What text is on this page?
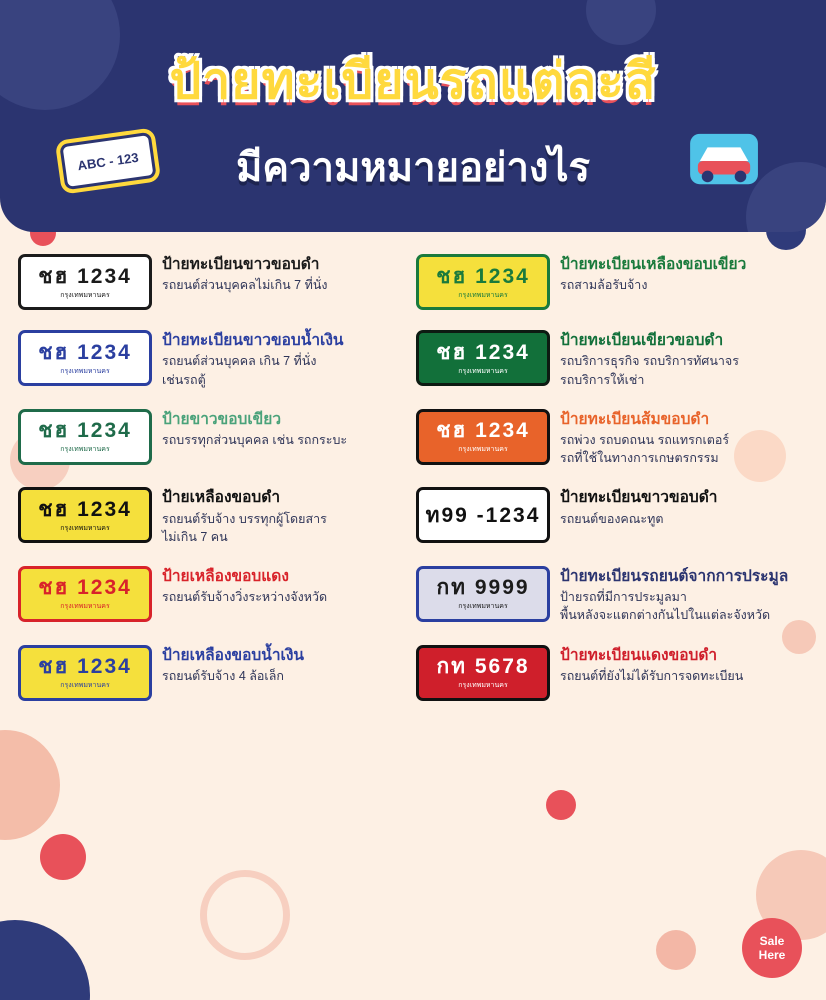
ป้ายทะเบียนรถแต่ละสี
มีความหมายอย่างไร
ABC - 123
ชฮ 1234
กรุงเทพมหานคร
ป้ายทะเบียนขาวขอบดำ
รถยนต์ส่วนบุคคลไม่เกิน 7 ที่นั่ง	ชฮ 1234
กรุงเทพมหานคร
ป้ายทะเบียนเหลืองขอบเขียว
รถสามล้อรับจ้าง
ชฮ 1234
กรุงเทพมหานคร
ป้ายทะเบียนขาวขอบน้ำเงิน
รถยนต์ส่วนบุคคล เกิน 7 ที่นั่ง
เช่นรถตู้
ชฮ 1234
กรุงเทพมหานคร
ป้ายทะเบียนเขียวขอบดำ
รถบริการธุรกิจ รถบริการทัศนาจร
รถบริการให้เช่า
ชฮ 1234
กรุงเทพมหานคร
ป้ายขาวขอบเขียว
รถบรรทุกส่วนบุคคล เช่น รถกระบะ	ชฮ 1234
กรุงเทพมหานคร
ป้ายทะเบียนส้มขอบดำ
รถพ่วง รถบดถนน รถแทรกเตอร์
รถที่ใช้ในทางการเกษตรกรรม
ชฮ 1234
กรุงเทพมหานคร
ป้ายเหลืองขอบดำ
รถยนต์รับจ้าง บรรทุกผู้โดยสาร
ไม่เกิน 7 คน
ท99 -1234
ป้ายทะเบียนขาวขอบดำ
รถยนต์ของคณะทูต
ชฮ 1234
กรุงเทพมหานคร
ป้ายเหลืองขอบแดง
รถยนต์รับจ้างวิ่งระหว่างจังหวัด	กท 9999
กรุงเทพมหานคร
ป้ายทะเบียนรถยนต์จากการประมูล
ป้ายรถที่มีการประมูลมา
พื้นหลังจะแตกต่างกันไปในแต่ละจังหวัด
ชฮ 1234
กรุงเทพมหานคร
ป้ายเหลืองขอบน้ำเงิน
รถยนต์รับจ้าง 4 ล้อเล็ก	กท 5678
กรุงเทพมหานคร
ป้ายทะเบียนแดงขอบดำ
รถยนต์ที่ยังไม่ได้รับการจดทะเบียน
Sale
Here
